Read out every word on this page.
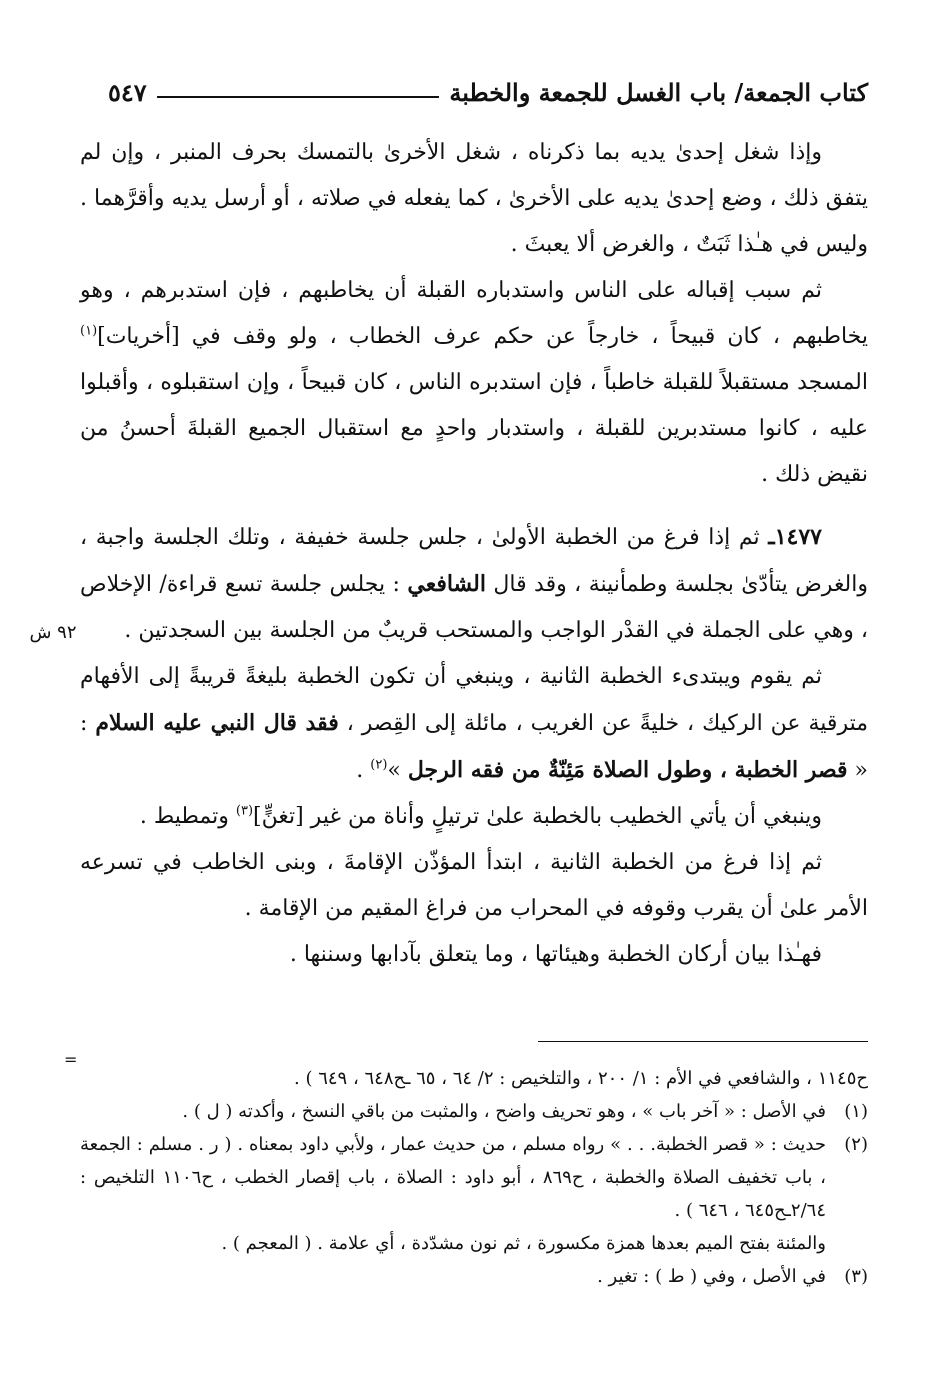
كتاب الجمعة/ باب الغسل للجمعة والخطبة
٥٤٧

وإذا شغل إحدىٰ يديه بما ذكرناه ، شغل الأخرىٰ بالتمسك بحرف المنبر ، وإن لم يتفق ذلك ، وضع إحدىٰ يديه على الأخرىٰ ، كما يفعله في صلاته ، أو أرسل يديه وأقرَّهما . وليس في هـٰذا ثَبَتٌ ، والغرض ألا يعبثَ .

ثم سبب إقباله على الناس واستدباره القبلة أن يخاطبهم ، فإن استدبرهم ، وهو يخاطبهم ، كان قبيحاً ، خارجاً عن حكم عرف الخطاب ، ولو وقف في [أخريات]$^{(١)}$ المسجد مستقبلاً للقبلة خاطباً ، فإن استدبره الناس ، كان قبيحاً ، وإن استقبلوه ، وأقبلوا عليه ، كانوا مستدبرين للقبلة ، واستدبار واحدٍ مع استقبال الجميع القبلةَ أحسنُ من نقيض ذلك .

١٤٧٧ـ ثم إذا فرغ من الخطبة الأولىٰ ، جلس جلسة خفيفة ، وتلك الجلسة واجبة ، والغرض يتأدّىٰ بجلسة وطمأنينة ، وقد قال الشافعي : يجلس جلسة تسع قراءة/ الإخلاص ، وهي على الجملة في القدْر الواجب والمستحب قريبٌ من الجلسة بين السجدتين .

ثم يقوم ويبتدىء الخطبة الثانية ، وينبغي أن تكون الخطبة بليغةً قريبةً إلى الأفهام مترقية عن الركيك ، خليةً عن الغريب ، مائلة إلى القِصر ، فقد قال النبي عليه السلام : « قصر الخطبة ، وطول الصلاة مَئِنّةٌ من فقه الرجل »$^{(٢)}$ .

وينبغي أن يأتي الخطيب بالخطبة علىٰ ترتيلٍ وأناة من غير [تغنٍّ]$^{(٣)}$ وتمطيط .

ثم إذا فرغ من الخطبة الثانية ، ابتدأ المؤذّن الإقامةَ ، وبنى الخاطب في تسرعه الأمر علىٰ أن يقرب وقوفه في المحراب من فراغ المقيم من الإقامة .

فهـٰذا بيان أركان الخطبة وهيئاتها ، وما يتعلق بآدابها وسننها .

٩٢ ش
=
ح١١٤٥ ، والشافعي في الأم : ١/ ٢٠٠ ، والتلخيص : ٢/ ٦٤ ، ٦٥ ـح٦٤٨ ، ٦٤٩ ) .
(١)
في الأصل : « آخر باب » ، وهو تحريف واضح ، والمثبت من باقي النسخ ، وأكدته ( ل ) .
(٢)
حديث : « قصر الخطبة. . . » رواه مسلم ، من حديث عمار ، ولأبي داود بمعناه . ( ر . مسلم : الجمعة ، باب تخفيف الصلاة والخطبة ، ح٨٦٩ ، أبو داود : الصلاة ، باب إقصار الخطب ، ح١١٠٦ التلخيص : ٢/٦٤ـح٦٤٥ ، ٦٤٦ ) .
والمئنة بفتح الميم بعدها همزة مكسورة ، ثم نون مشدّدة ، أي علامة . ( المعجم ) .
(٣)
في الأصل ، وفي ( ط ) : تغير .
